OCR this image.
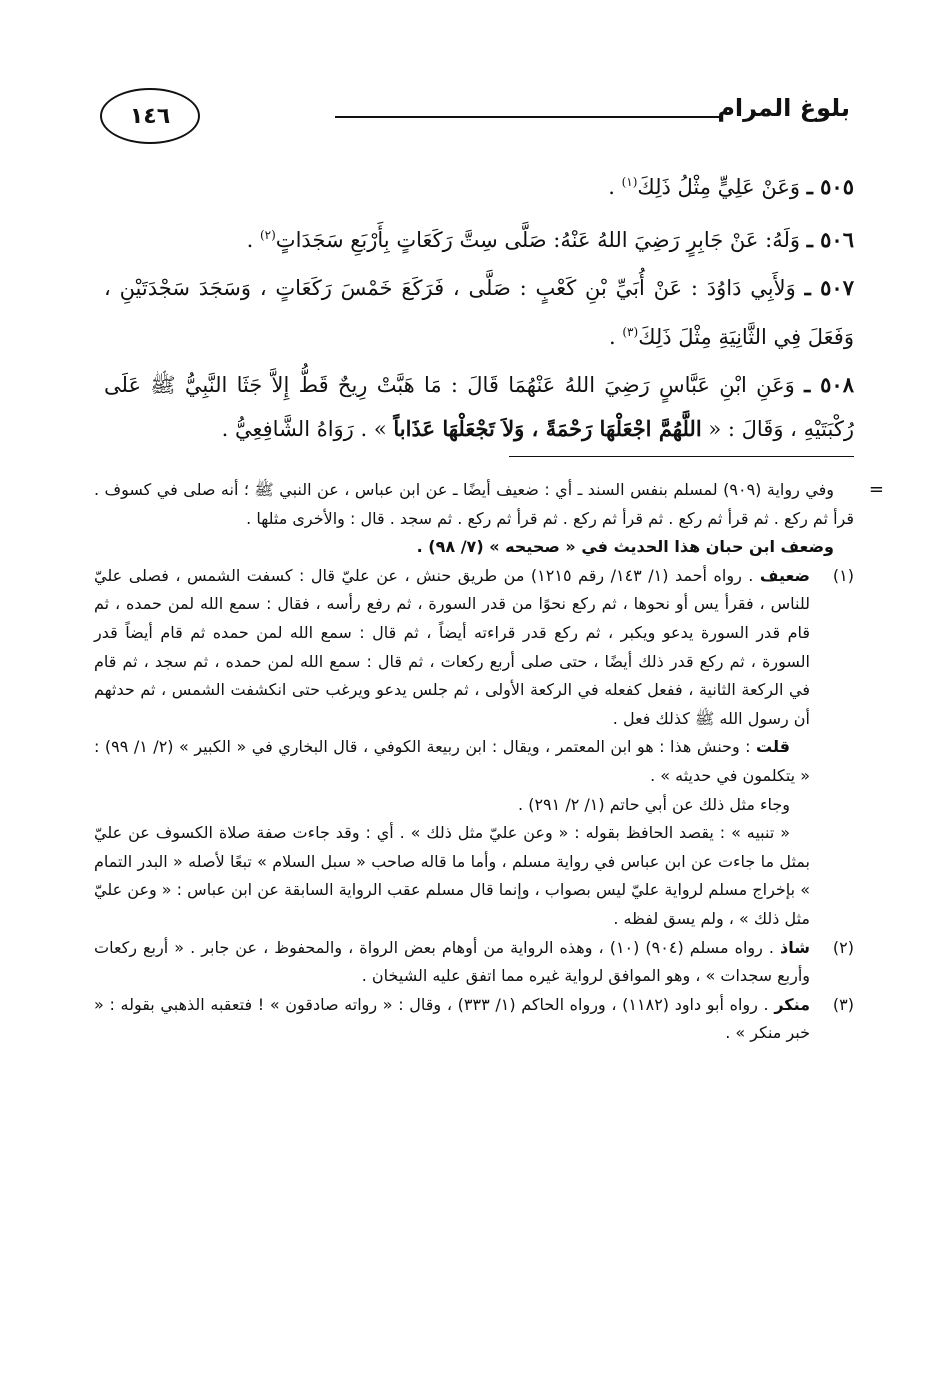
بلوغ المرام
١٤٦

٥٠٥ ـ وَعَنْ عَلِيٍّ مِثْلُ ذَلِكَ$^{(١)}$ .

٥٠٦ ـ وَلَهُ: عَنْ جَابِرٍ رَضِيَ اللهُ عَنْهُ: صَلَّى سِتَّ رَكَعَاتٍ بِأَرْبَعِ سَجَدَاتٍ$^{(٢)}$ .

٥٠٧ ـ وَلأَبِي دَاوُدَ : عَنْ أُبَيِّ بْنِ كَعْبٍ : صَلَّى ، فَرَكَعَ خَمْسَ رَكَعَاتٍ ، وَسَجَدَ سَجْدَتَيْنِ ، وَفَعَلَ فِي الثَّانِيَةِ مِثْلَ ذَلِكَ$^{(٣)}$ .

٥٠٨ ـ وَعَنِ ابْنِ عَبَّاسٍ رَضِيَ اللهُ عَنْهُمَا قَالَ : مَا هَبَّتْ رِيحٌ قَطُّ إِلاَّ جَثَا النَّبِيُّ ﷺ عَلَى رُكْبَتَيْهِ ، وَقَالَ : « اللَّهُمَّ اجْعَلْهَا رَحْمَةً ، وَلاَ تَجْعَلْهَا عَذَاباً » . رَوَاهُ الشَّافِعِيُّ .

=

وفي رواية (٩٠٩) لمسلم بنفس السند ـ أي : ضعيف أيضًا ـ عن ابن عباس ، عن النبي ﷺ ؛ أنه صلى في كسوف . قرأ ثم ركع . ثم قرأ ثم ركع . ثم قرأ ثم ركع . ثم قرأ ثم ركع . ثم سجد . قال : والأخرى مثلها .

وضعف ابن حبان هذا الحديث في « صحيحه » (٧/ ٩٨) .

(١)

ضعيف . رواه أحمد (١/ ١٤٣/ رقم ١٢١٥) من طريق حنش ، عن عليّ قال : كسفت الشمس ، فصلى عليّ للناس ، فقرأ يس أو نحوها ، ثم ركع نحوًا من قدر السورة ، ثم رفع رأسه ، فقال : سمع الله لمن حمده ، ثم قام قدر السورة يدعو ويكبر ، ثم ركع قدر قراءته أيضاً ، ثم قال : سمع الله لمن حمده ثم قام أيضاً قدر السورة ، ثم ركع قدر ذلك أيضًا ، حتى صلى أربع ركعات ، ثم قال : سمع الله لمن حمده ، ثم سجد ، ثم قام في الركعة الثانية ، ففعل كفعله في الركعة الأولى ، ثم جلس يدعو ويرغب حتى انكشفت الشمس ، ثم حدثهم أن رسول الله ﷺ كذلك فعل .

قلت : وحنش هذا : هو ابن المعتمر ، ويقال : ابن ربيعة الكوفي ، قال البخاري في « الكبير » (٢/ ١/ ٩٩) : « يتكلمون في حديثه » .

وجاء مثل ذلك عن أبي حاتم (١/ ٢/ ٢٩١) .

« تنبيه » : يقصد الحافظ بقوله : « وعن عليّ مثل ذلك » . أي : وقد جاءت صفة صلاة الكسوف عن عليّ بمثل ما جاءت عن ابن عباس في رواية مسلم ، وأما ما قاله صاحب « سبل السلام » تبعًا لأصله « البدر التمام » بإخراج مسلم لرواية عليّ ليس بصواب ، وإنما قال مسلم عقب الرواية السابقة عن ابن عباس : « وعن عليّ مثل ذلك » ، ولم يسق لفظه .

(٢)

شاذ . رواه مسلم (٩٠٤) (١٠) ، وهذه الرواية من أوهام بعض الرواة ، والمحفوظ ، عن جابر . « أربع ركعات وأربع سجدات » ، وهو الموافق لرواية غيره مما اتفق عليه الشيخان .

(٣)

منكر . رواه أبو داود (١١٨٢) ، ورواه الحاكم (١/ ٣٣٣) ، وقال : « رواته صادقون » ! فتعقبه الذهبي بقوله : « خبر منكر » .
